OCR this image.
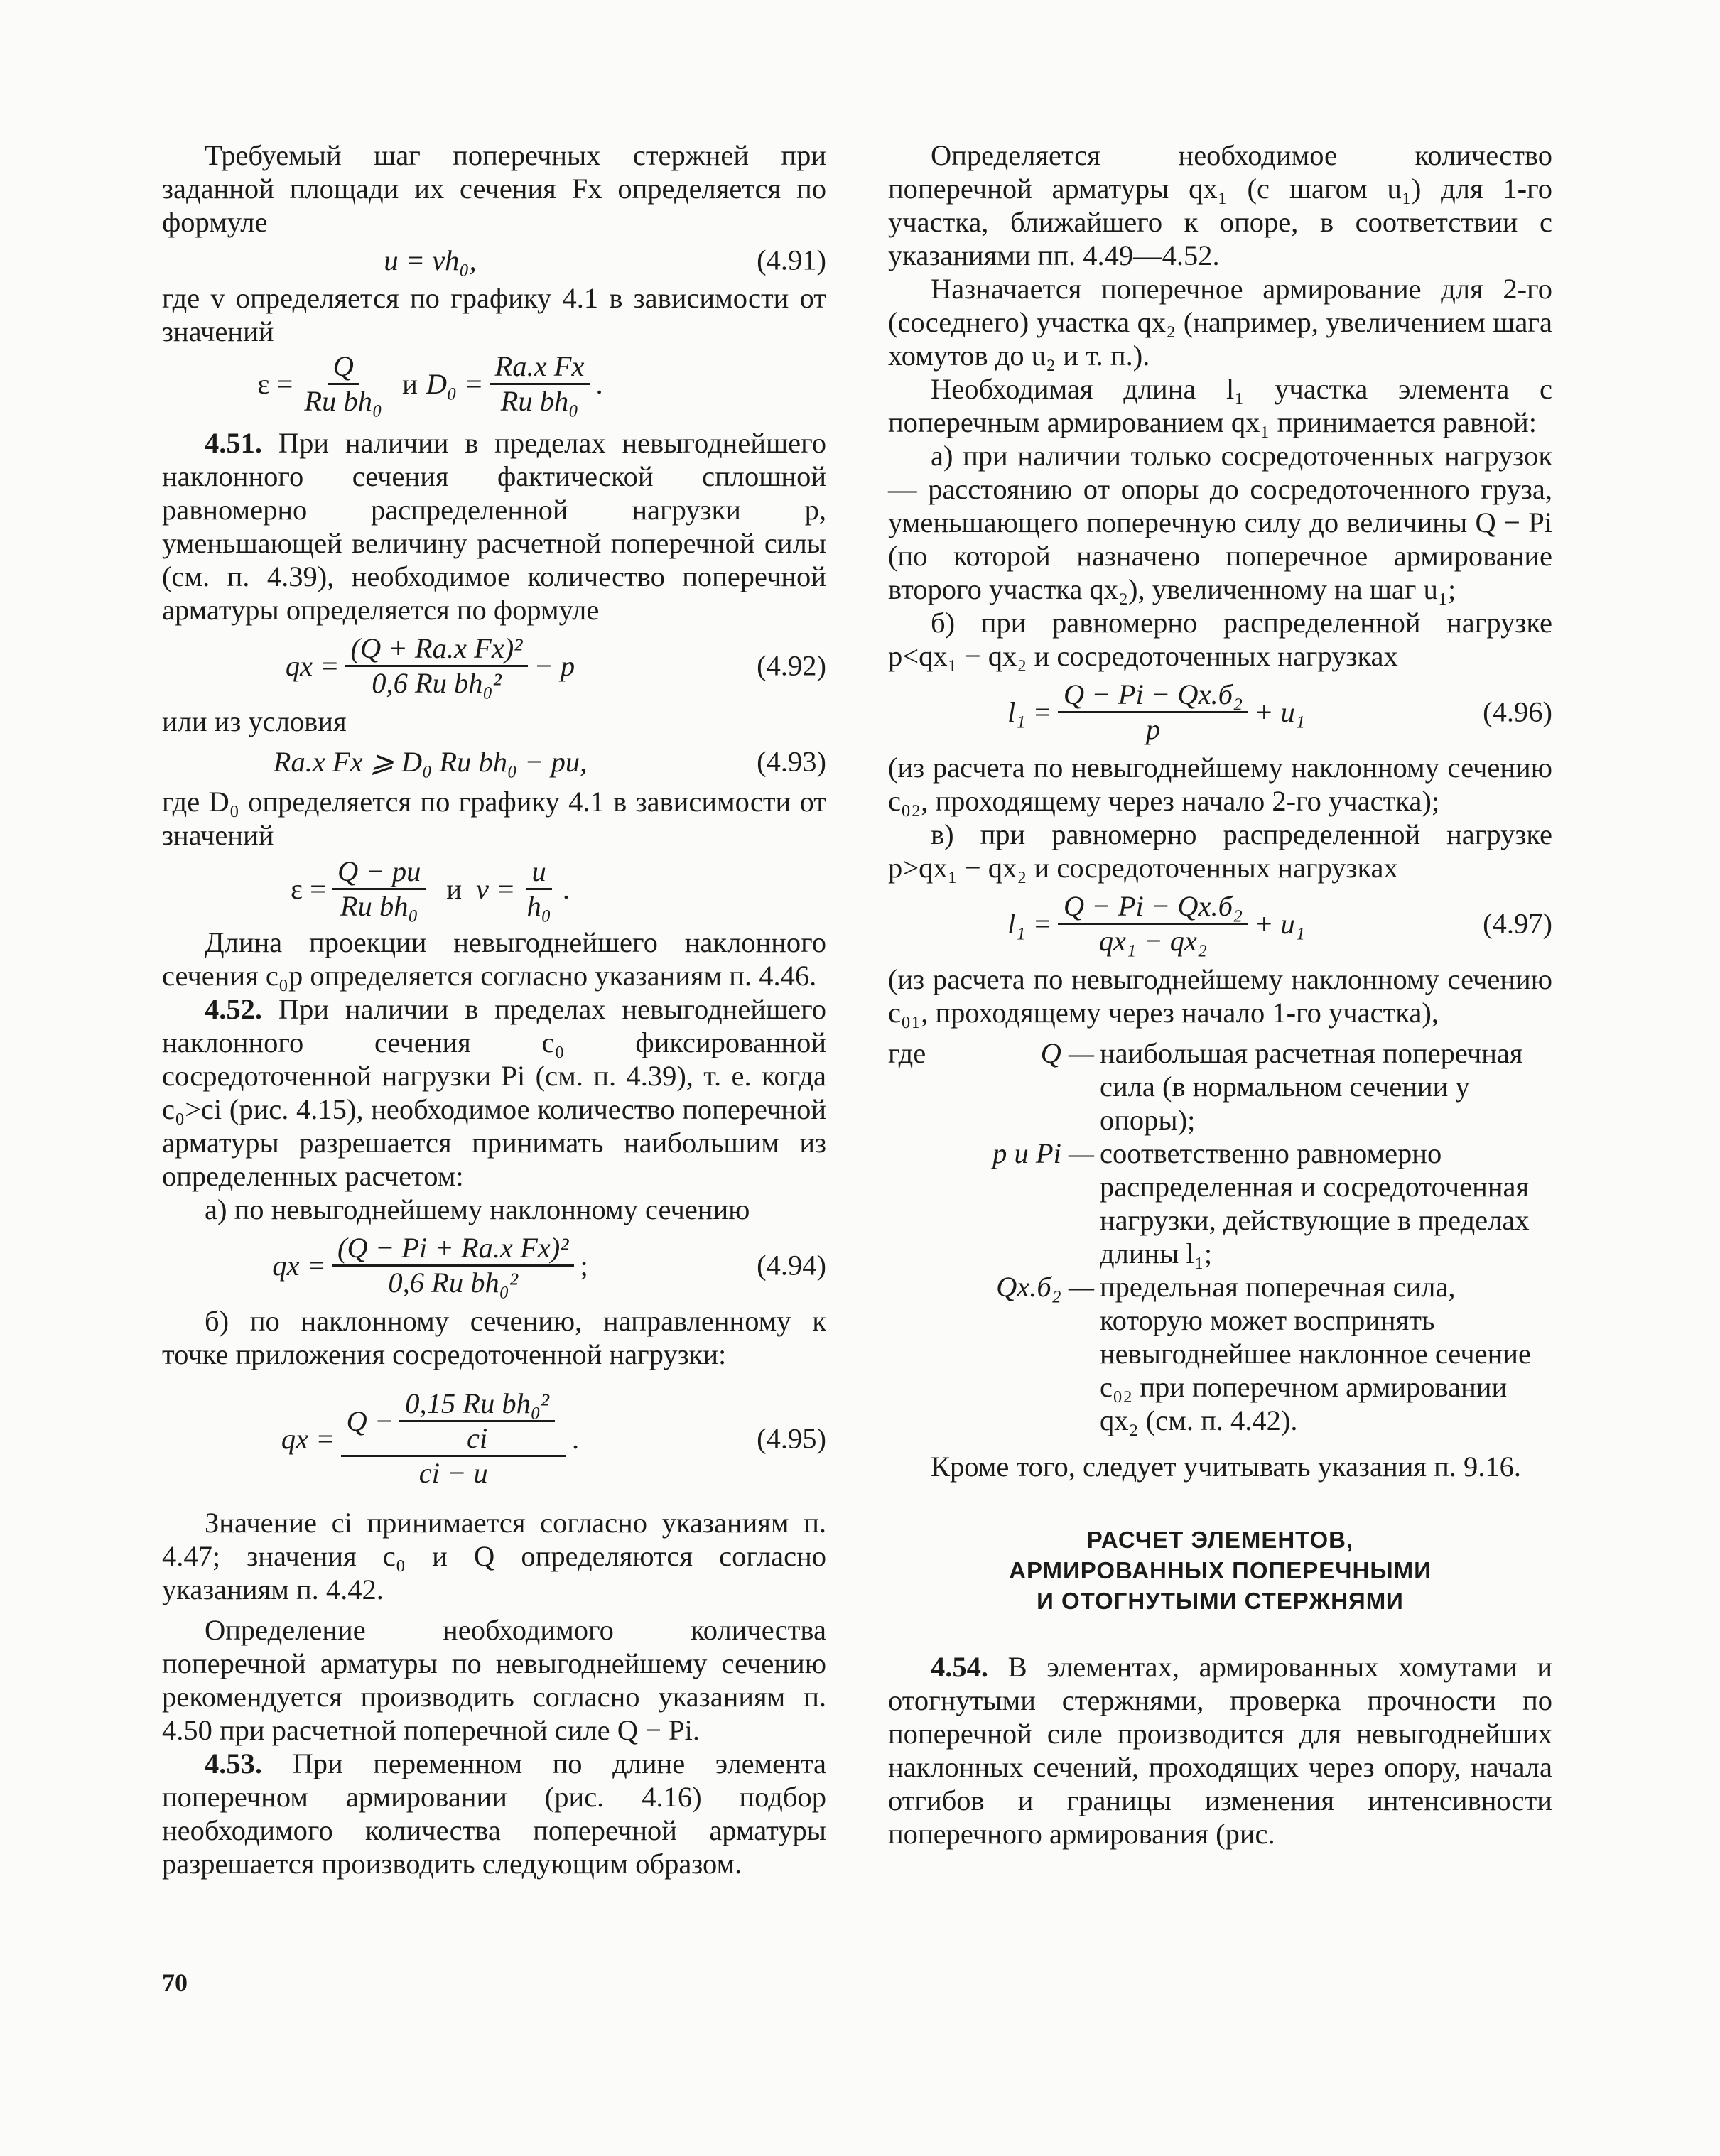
Требуемый шаг поперечных стержней при заданной площади их сечения Fx определяется по формуле

u = vh₀,	(4.91)

где v определяется по графику 4.1 в зависимости от значений

$\varepsilon = \frac{Q}{\text{Rи bh₀}}$ и $D_0 = \frac{\text{Ra.x Fx}}{\text{Rи bh₀}}$ .

4.51. При наличии в пределах невыгоднейшего наклонного сечения фактической сплошной равномерно распределенной нагрузки p, уменьшающей величину расчетной поперечной силы (см. п. 4.39), необходимое количество поперечной арматуры определяется по формуле

qx = $\frac{\text{(Q + Ra.x Fx)²}}{\text{0,6 Rи bh₀²}} - p$	(4.92)

или из условия

Ra.x Fx ⩾ D₀ Rи bh₀ − pu,	(4.93)

где D₀ определяется по графику 4.1 в зависимости от значений

$\varepsilon = \frac{Q - pu}{\text{Rи bh₀}}$ и $v = \frac{u}{\text{h₀}}$ .

Длина проекции невыгоднейшего наклонного сечения c₀p определяется согласно указаниям п. 4.46.

4.52. При наличии в пределах невыгоднейшего наклонного сечения c₀ фиксированной сосредоточенной нагрузки Pi (см. п. 4.39), т. е. когда c₀>ci (рис. 4.15), необходимое количество поперечной арматуры разрешается принимать наибольшим из определенных расчетом:

а) по невыгоднейшему наклонному сечению

qx = $\frac{\text{(Q − Pi + Ra.x Fx)²}}{\text{0,6 Rи bh₀²}}$ ;	(4.94)

б) по наклонному сечению, направленному к точке приложения сосредоточенной нагрузки:

qx = $\frac{Q - \frac{\text{0,15 Rи bh₀²}}{ci}}{ci - u}$ .	(4.95)

Значение ci принимается согласно указаниям п. 4.47; значения c₀ и Q определяются согласно указаниям п. 4.42.

Определение необходимого количества поперечной арматуры по невыгоднейшему сечению рекомендуется производить согласно указаниям п. 4.50 при расчетной поперечной силе Q − Pi.

4.53. При переменном по длине элемента поперечном армировании (рис. 4.16) подбор необходимого количества поперечной арматуры разрешается производить следующим образом.

Определяется необходимое количество поперечной арматуры qx₁ (с шагом u₁) для 1-го участка, ближайшего к опоре, в соответствии с указаниями пп. 4.49—4.52.

Назначается поперечное армирование для 2-го (соседнего) участка qx₂ (например, увеличением шага хомутов до u₂ и т. п.).

Необходимая длина l₁ участка элемента с поперечным армированием qx₁ принимается равной:

а) при наличии только сосредоточенных нагрузок — расстоянию от опоры до сосредоточенного груза, уменьшающего поперечную силу до величины Q − Pi (по которой назначено поперечное армирование второго участка qx₂), увеличенному на шаг u₁;

б) при равномерно распределенной нагрузке p<qx₁ − qx₂ и сосредоточенных нагрузках

$l_1 = \frac{\text{Q − Pi − Qx.б₂}}{p} + u_1$	(4.96)

(из расчета по невыгоднейшему наклонному сечению c₀₂, проходящему через начало 2-го участка);

в) при равномерно распределенной нагрузке p>qx₁ − qx₂ и сосредоточенных нагрузках

$l_1 = \frac{\text{Q − Pi − Qx.б₂}}{\text{qx₁ − qx₂}} + u_1$	(4.97)

(из расчета по невыгоднейшему наклонному сечению c₀₁, проходящему через начало 1-го участка),

где	Q — наибольшая расчетная поперечная сила (в нормальном сечении у опоры);
p и Pi — соответственно равномерно распределенная и сосредоточенная нагрузки, действующие в пределах длины l₁;
Qx.б₂ — предельная поперечная сила, которую может воспринять невыгоднейшее наклонное сечение c₀₂ при поперечном армировании qx₂ (см. п. 4.42).

Кроме того, следует учитывать указания п. 9.16.

РАСЧЕТ ЭЛЕМЕНТОВ,
АРМИРОВАННЫХ ПОПЕРЕЧНЫМИ
И ОТОГНУТЫМИ СТЕРЖНЯМИ

4.54. В элементах, армированных хомутами и отогнутыми стержнями, проверка прочности по поперечной силе производится для невыгоднейших наклонных сечений, проходящих через опору, начала отгибов и границы изменения интенсивности поперечного армирования (рис.

70
